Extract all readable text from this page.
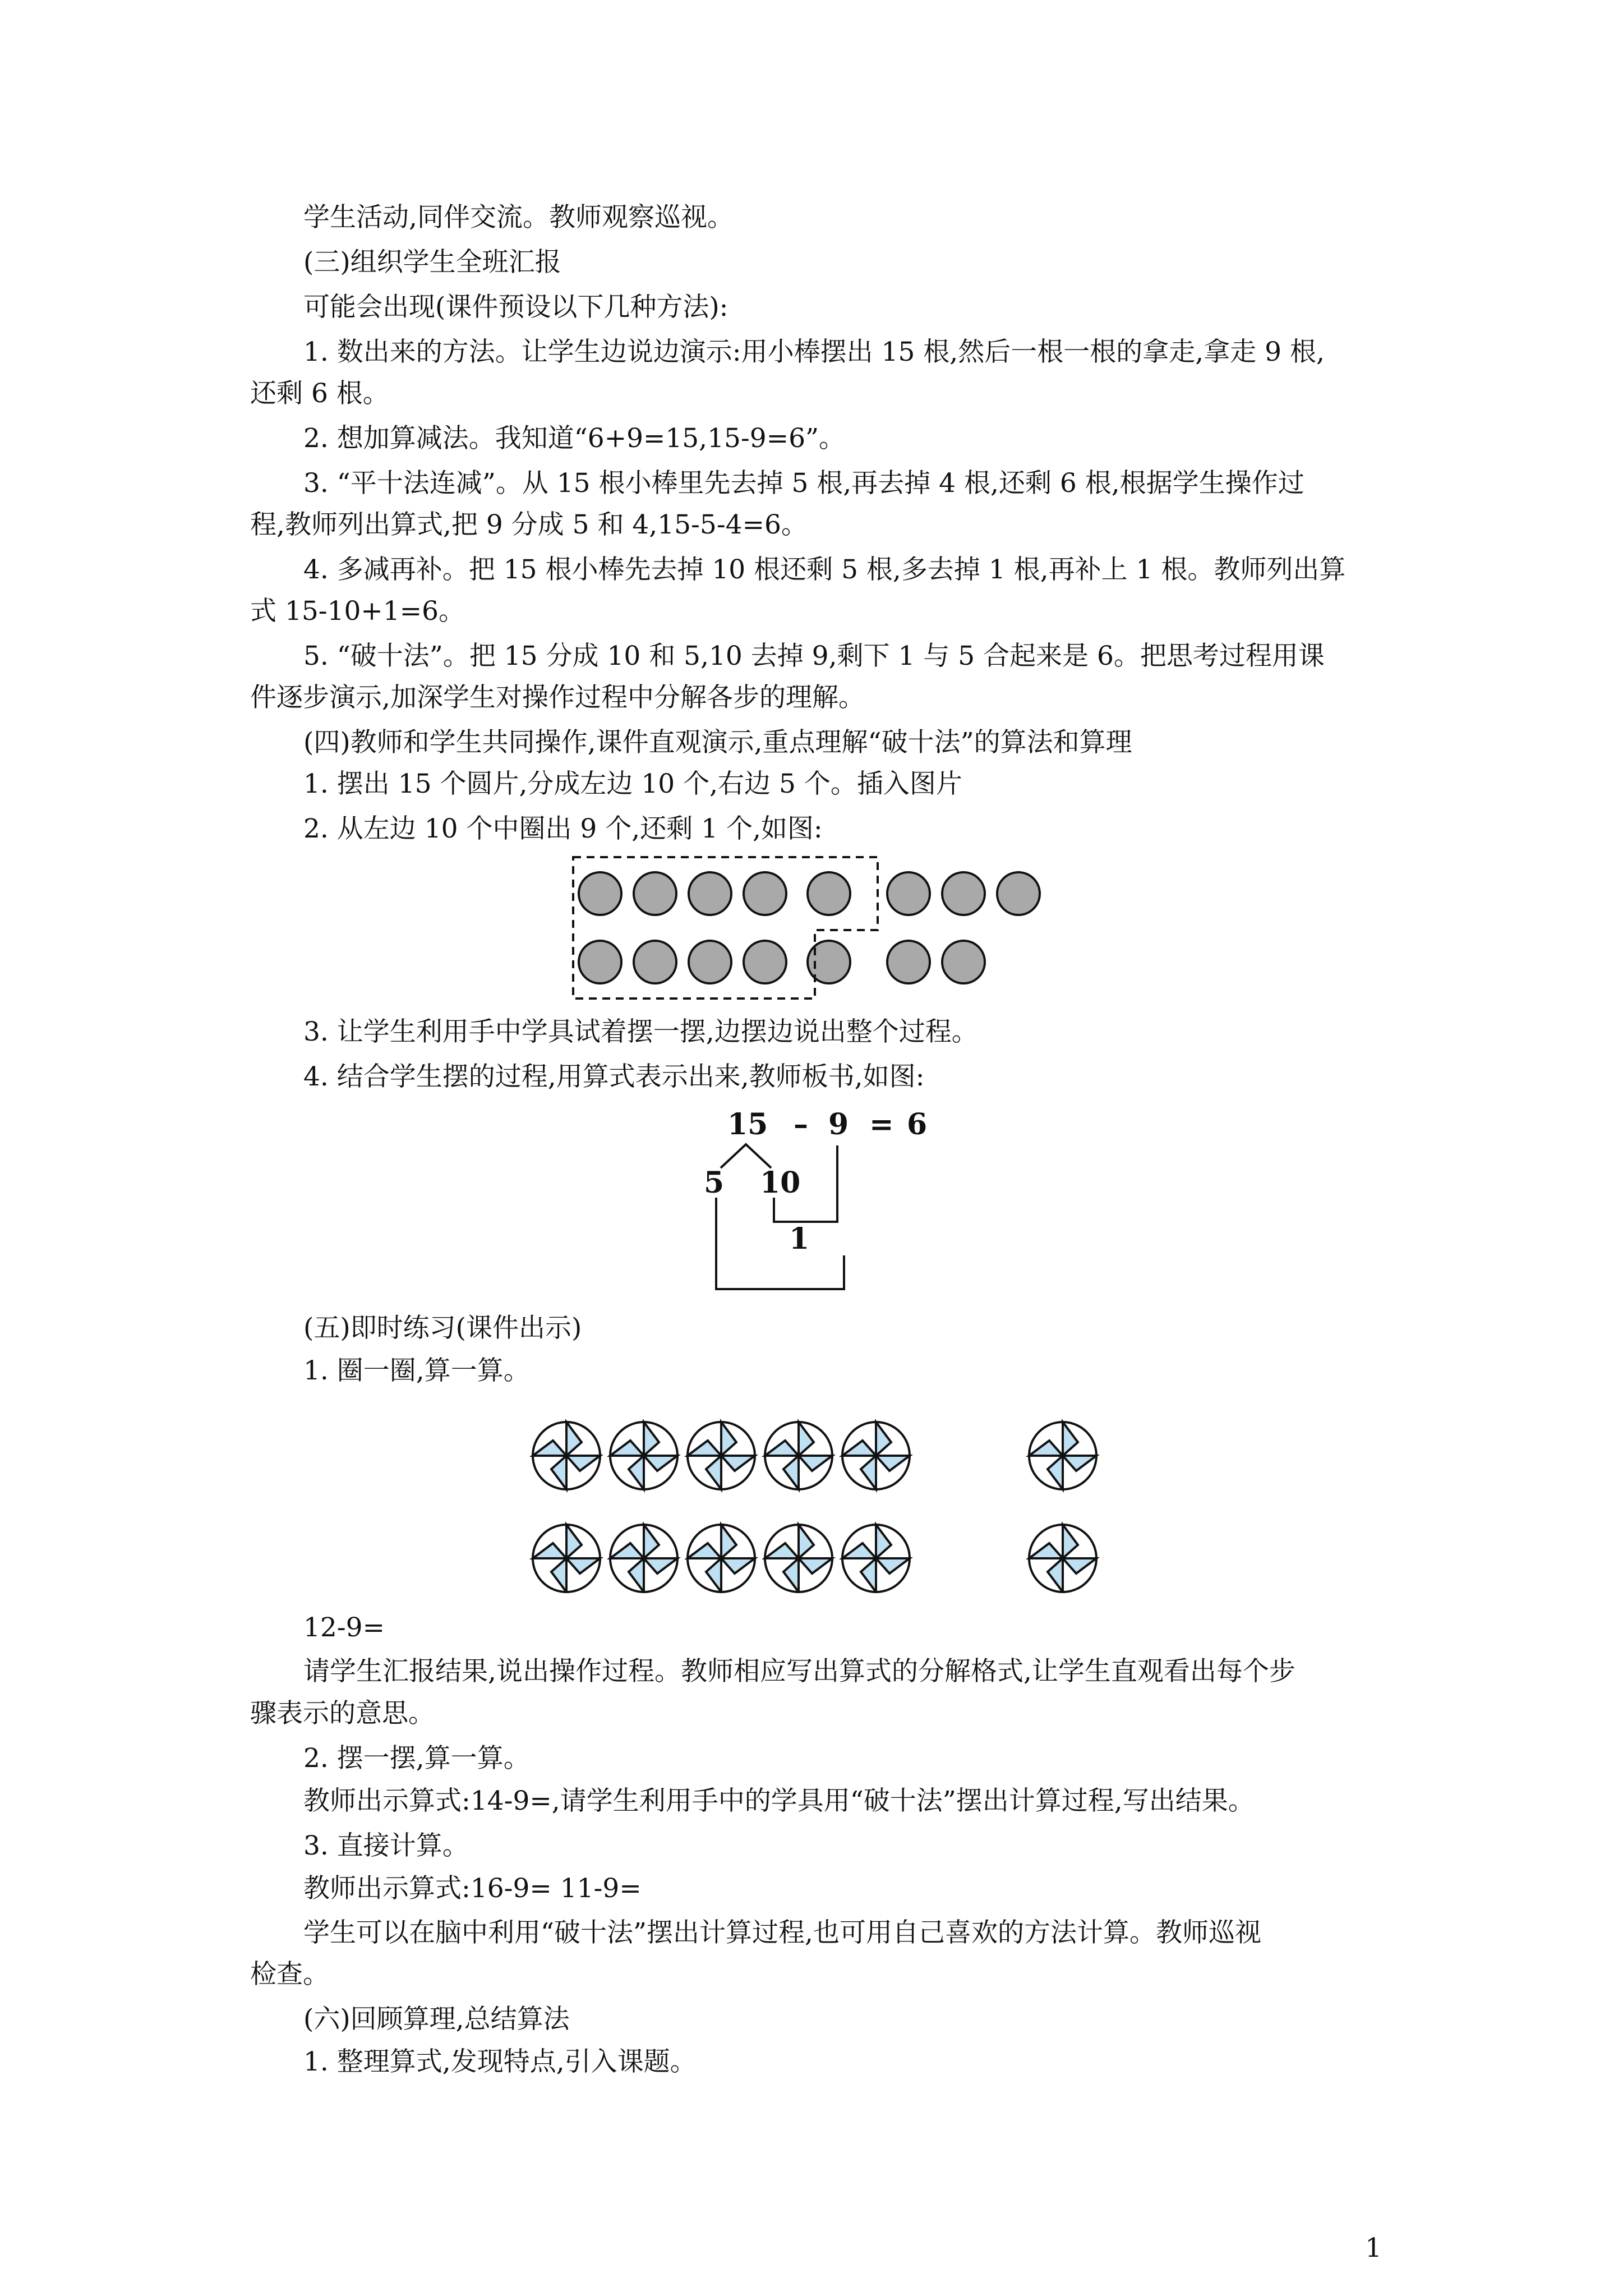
学生活动,同伴交流。教师观察巡视。
(三)组织学生全班汇报
可能会出现(课件预设以下几种方法):
1. 数出来的方法。让学生边说边演示:用小棒摆出 15 根,然后一根一根的拿走,拿走 9 根,
还剩 6 根。
2. 想加算减法。我知道“6+9=15,15-9=6”。
3. “平十法连减”。从 15 根小棒里先去掉 5 根,再去掉 4 根,还剩 6 根,根据学生操作过
程,教师列出算式,把 9 分成 5 和 4,15-5-4=6。
4. 多减再补。把 15 根小棒先去掉 10 根还剩 5 根,多去掉 1 根,再补上 1 根。教师列出算
式 15-10+1=6。
5. “破十法”。把 15 分成 10 和 5,10 去掉 9,剩下 1 与 5 合起来是 6。把思考过程用课
件逐步演示,加深学生对操作过程中分解各步的理解。
(四)教师和学生共同操作,课件直观演示,重点理解“破十法”的算法和算理
1. 摆出 15 个圆片,分成左边 10 个,右边 5 个。插入图片
2. 从左边 10 个中圈出 9 个,还剩 1 个,如图:
3. 让学生利用手中学具试着摆一摆,边摆边说出整个过程。
4. 结合学生摆的过程,用算式表示出来,教师板书,如图:
15 – 9 = 6
5 10
1
(五)即时练习(课件出示)
1. 圈一圈,算一算。
12-9=
请学生汇报结果,说出操作过程。教师相应写出算式的分解格式,让学生直观看出每个步
骤表示的意思。
2. 摆一摆,算一算。
教师出示算式:14-9=,请学生利用手中的学具用“破十法”摆出计算过程,写出结果。
3. 直接计算。
教师出示算式:16-9= 11-9=
学生可以在脑中利用“破十法”摆出计算过程,也可用自己喜欢的方法计算。教师巡视
检查。
(六)回顾算理,总结算法
1. 整理算式,发现特点,引入课题。
1
